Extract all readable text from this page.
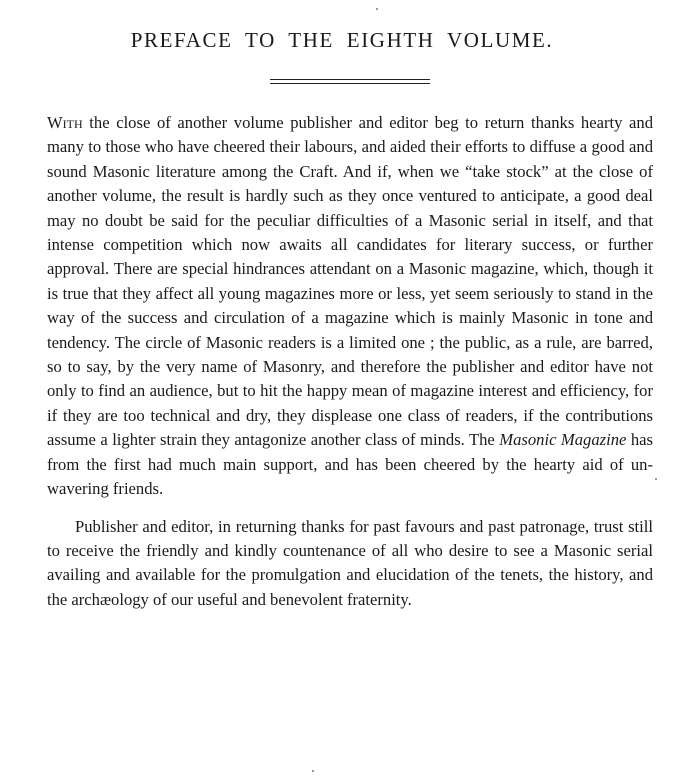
PREFACE TO THE EIGHTH VOLUME.

With the close of another volume publisher and editor beg to return thanks hearty and many to those who have cheered their labours, and aided their efforts to diffuse a good and sound Masonic literature among the Craft. And if, when we “take stock” at the close of another volume, the result is hardly such as they once ventured to anticipate, a good deal may no doubt be said for the peculiar difficulties of a Masonic serial in itself, and that intense competition which now awaits all candidates for literary success, or further approval. There are special hindrances attendant on a Masonic magazine, which, though it is true that they affect all young magazines more or less, yet seem seriously to stand in the way of the success and circulation of a magazine which is mainly Masonic in tone and tendency. The circle of Masonic readers is a limited one ; the public, as a rule, are barred, so to say, by the very name of Masonry, and therefore the publisher and editor have not only to find an audience, but to hit the happy mean of magazine interest and efficiency, for if they are too technical and dry, they displease one class of readers, if the contributions assume a lighter strain they antagonize another class of minds. The Masonic Magazine has from the first had much main support, and has been cheered by the hearty aid of unwavering friends.

Publisher and editor, in returning thanks for past favours and past patronage, trust still to receive the friendly and kindly countenance of all who desire to see a Masonic serial availing and available for the promulgation and elucidation of the tenets, the history, and the archæology of our useful and benevolent fraternity.
